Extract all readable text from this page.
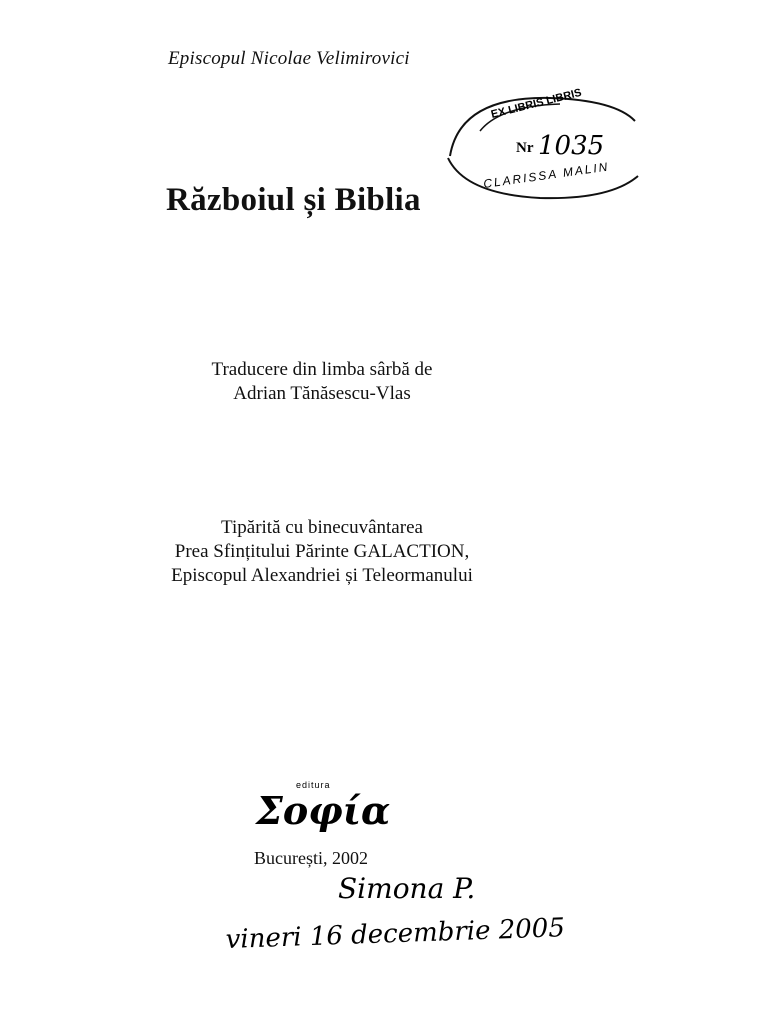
Episcopul Nicolae Velimirovici
Războiul și Biblia
EX LIBRIS LIBRIS
Nr 1035
CLARISSA MALIN
Traducere din limba sârbă de
Adrian Tănăsescu-Vlas
Tipărită cu binecuvântarea
Prea Sfințitului Părinte GALACTION,
Episcopul Alexandriei și Teleormanului
editura
Σοφία
București, 2002
Simona P.
vineri 16 decembrie 2005
